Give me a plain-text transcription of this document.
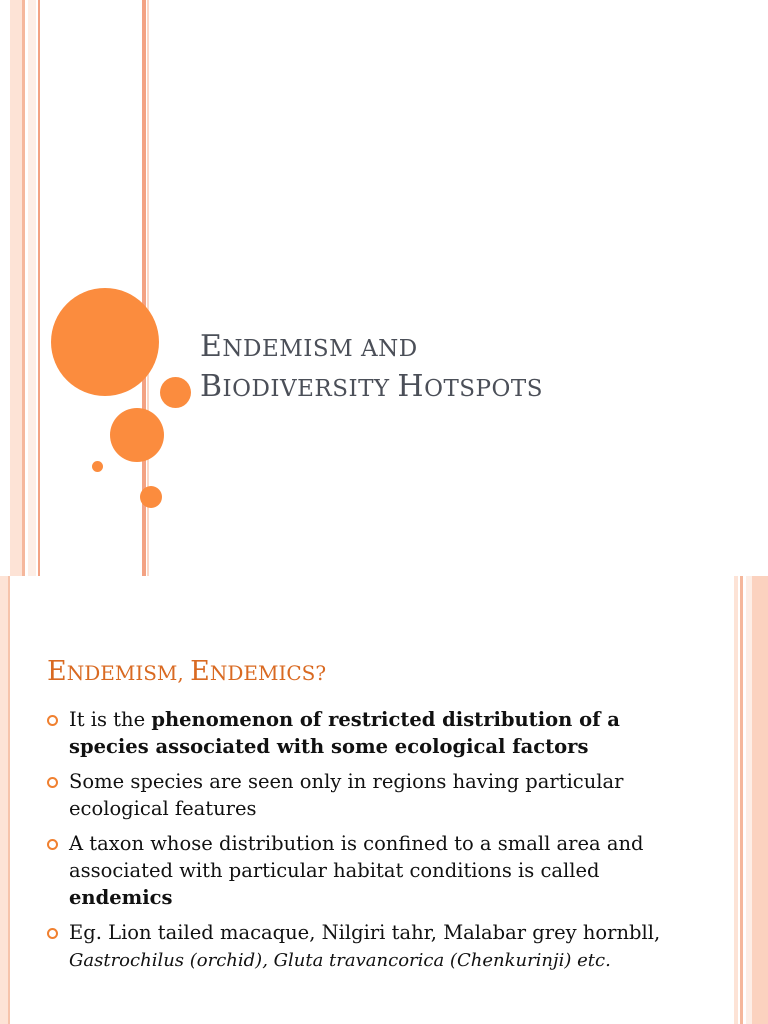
ENDEMISM AND
BIODIVERSITY HOTSPOTS
ENDEMISM, ENDEMICS?
It is the phenomenon of restricted distribution of a species associated with some ecological factors
Some species are seen only in regions having particular ecological features
A taxon whose distribution is confined to a small area and associated with particular habitat conditions is called endemics
Eg. Lion tailed macaque, Nilgiri tahr, Malabar grey hornbll, Gastrochilus (orchid), Gluta travancorica (Chenkurinji) etc.
